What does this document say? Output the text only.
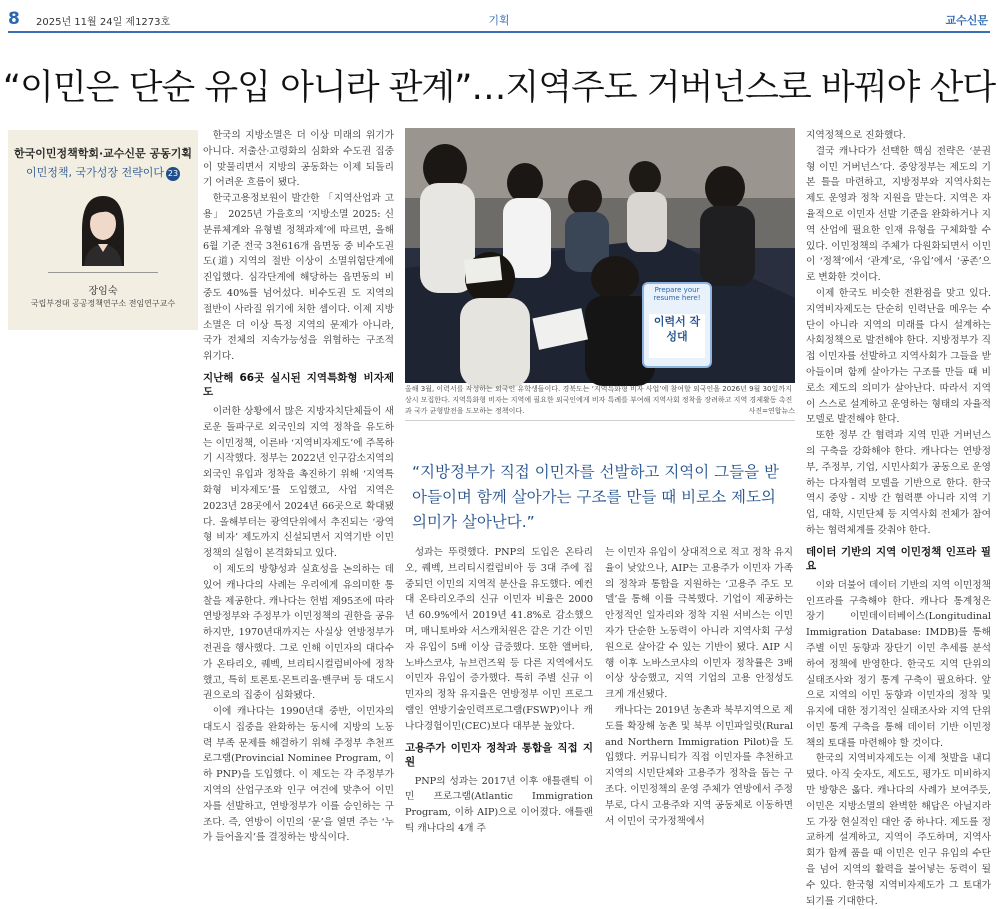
8 2025년 11월 24일 제1273호	기획	교수신문
“이민은 단순 유입 아니라 관계”…지역주도 거버넌스로 바꿔야 산다
한국이민정책학회·교수신문 공동기획
이민정책, 국가성장 전략이다 23
장임숙
국립부경대 공공정책연구소 전임연구교수

한국의 지방소멸은 더 이상 미래의 위기가 아니다. 저출산·고령화의 심화와 수도권 집중이 맞물리면서 지방의 공동화는 이제 되돌리기 어려운 흐름이 됐다.

한국고용정보원이 발간한 「지역산업과 고용」 2025년 가을호의 ‘지방소멸 2025: 신분류체계와 유형별 정책과제’에 따르면, 올해 6월 기준 전국 3천616개 읍면동 중 비수도권 도(道) 지역의 절반 이상이 소멸위험단계에 진입했다. 심각단계에 해당하는 읍면동의 비중도 40%를 넘어섰다. 비수도권 도 지역의 절반이 사라질 위기에 처한 셈이다. 이제 지방소멸은 더 이상 특정 지역의 문제가 아니라, 국가 전체의 지속가능성을 위협하는 구조적 위기다.

지난해 66곳 실시된 지역특화형 비자제도

이러한 상황에서 많은 지방자치단체들이 새로운 돌파구로 외국인의 지역 정착을 유도하는 이민정책, 이른바 ‘지역비자제도’에 주목하기 시작했다. 정부는 2022년 인구감소지역의 외국인 유입과 정착을 촉진하기 위해 ‘지역특화형 비자제도’를 도입했고, 사업 지역은 2023년 28곳에서 2024년 66곳으로 확대됐다. 올해부터는 광역단위에서 추진되는 ‘광역형 비자’ 제도까지 신설되면서 지역기반 이민정책의 실험이 본격화되고 있다.

이 제도의 방향성과 실효성을 논의하는 데 있어 캐나다의 사례는 우리에게 유의미한 통찰을 제공한다. 캐나다는 헌법 제95조에 따라 연방정부와 주정부가 이민정책의 권한을 공유하지만, 1970년대까지는 사실상 연방정부가 전권을 행사했다. 그로 인해 이민자의 대다수가 온타리오, 퀘벡, 브리티시컬럼비아에 정착했고, 특히 토론토·몬트리올·밴쿠버 등 대도시권으로의 집중이 심화됐다.

이에 캐나다는 1990년대 중반, 이민자의 대도시 집중을 완화하는 동시에 지방의 노동력 부족 문제를 해결하기 위해 주정부 추천프로그램(Provincial Nominee Program, 이하 PNP)을 도입했다. 이 제도는 각 주정부가 지역의 산업구조와 인구 여건에 맞추어 이민자를 선발하고, 연방정부가 이를 승인하는 구조다. 즉, 연방이 이민의 ‘문’을 열면 주는 ‘누가 들어올지’를 결정하는 방식이다.

Prepare your resume here!
이력서 작성대
올해 3월, 이력서를 작성하는 외국인 유학생들이다. 경북도는 ‘지역특화형 비자 사업’에 참여할 외국인을 2026년 9월 30일까지 상시 모집한다. 지역특화형 비자는 지역에 필요한 외국인에게 비자 특례를 부여해 지역사회 정착을 장려하고 지역 경제활동 촉진과 국가 균형발전을 도모하는 정책이다.	사진=연합뉴스
“지방정부가 직접 이민자를 선발하고 지역이 그들을 받아들이며 함께 살아가는 구조를 만들 때 비로소 제도의 의미가 살아난다.”

성과는 뚜렷했다. PNP의 도입은 온타리오, 퀘벡, 브리티시컬럼비아 등 3대 주에 집중되던 이민의 지역적 분산을 유도했다. 예컨대 온타리오주의 신규 이민자 비율은 2000년 60.9%에서 2019년 41.8%로 감소했으며, 매니토바와 서스캐처원은 같은 기간 이민자 유입이 5배 이상 급증했다. 또한 앨버타, 노바스코샤, 뉴브런즈윅 등 다른 지역에서도 이민자 유입이 증가했다. 특히 주별 신규 이민자의 정착 유지율은 연방정부 이민 프로그램인 연방기술인력프로그램(FSWP)이나 캐나다경험이민(CEC)보다 대부분 높았다.

고용주가 이민자 정착과 통합을 직접 지원

PNP의 성과는 2017년 이후 애틀랜틱 이민 프로그램(Atlantic Immigration Program, 이하 AIP)으로 이어졌다. 애틀랜틱 캐나다의 4개 주

는 이민자 유입이 상대적으로 적고 정착 유지율이 낮았으나, AIP는 고용주가 이민자 가족의 정착과 통합을 지원하는 ‘고용주 주도 모델’을 통해 이를 극복했다. 기업이 제공하는 안정적인 일자리와 정착 지원 서비스는 이민자가 단순한 노동력이 아니라 지역사회 구성원으로 살아갈 수 있는 기반이 됐다. AIP 시행 이후 노바스코샤의 이민자 정착률은 3배 이상 상승했고, 지역 기업의 고용 안정성도 크게 개선됐다.

캐나다는 2019년 농촌과 북부지역으로 제도를 확장해 농촌 및 북부 이민파일럿(Rural and Northern Immigration Pilot)을 도입했다. 커뮤니티가 직접 이민자를 추천하고 지역의 시민단체와 고용주가 정착을 돕는 구조다. 이민정책의 운영 주체가 연방에서 주정부로, 다시 고용주와 지역 공동체로 이동하면서 이민이 국가정책에서

지역정책으로 진화했다.

결국 캐나다가 선택한 핵심 전략은 ‘분권형 이민 거버넌스’다. 중앙정부는 제도의 기본 틀을 마련하고, 지방정부와 지역사회는 제도 운영과 정착 지원을 맡는다. 지역은 자율적으로 이민자 선발 기준을 완화하거나 지역 산업에 필요한 인재 유형을 구체화할 수 있다. 이민정책의 주체가 다원화되면서 이민이 ‘정책’에서 ‘관계’로, ‘유입’에서 ‘공존’으로 변화한 것이다.

이제 한국도 비슷한 전환점을 맞고 있다. 지역비자제도는 단순히 인력난을 메우는 수단이 아니라 지역의 미래를 다시 설계하는 사회정책으로 발전해야 한다. 지방정부가 직접 이민자를 선발하고 지역사회가 그들을 받아들이며 함께 살아가는 구조를 만들 때 비로소 제도의 의미가 살아난다. 따라서 지역이 스스로 설계하고 운영하는 형태의 자율적 모델로 발전해야 한다.

또한 정부 간 협력과 지역 민관 거버넌스의 구축을 강화해야 한다. 캐나다는 연방정부, 주정부, 기업, 시민사회가 공동으로 운영하는 다자협력 모델을 기반으로 한다. 한국 역시 중앙 - 지방 간 협력뿐 아니라 지역 기업, 대학, 시민단체 등 지역사회 전체가 참여하는 협력체계를 갖춰야 한다.

데이터 기반의 지역 이민정책 인프라 필요

이와 더불어 데이터 기반의 지역 이민정책 인프라를 구축해야 한다. 캐나다 통계청은 장기 이민데이터베이스(Longitudinal Immigration Database: IMDB)를 통해 주별 이민 동향과 장단기 이민 추세를 분석하여 정책에 반영한다. 한국도 지역 단위의 실태조사와 정기 통계 구축이 필요하다. 앞으로 지역의 이민 동향과 이민자의 정착 및 유지에 대한 정기적인 실태조사와 지역 단위 이민 통계 구축을 통해 데이터 기반 이민정책의 토대를 마련해야 할 것이다.

한국의 지역비자제도는 이제 첫발을 내디뎠다. 아직 숫자도, 제도도, 평가도 미비하지만 방향은 옳다. 캐나다의 사례가 보여주듯, 이민은 지방소멸의 완벽한 해답은 아닐지라도 가장 현실적인 대안 중 하나다. 제도를 정교하게 설계하고, 지역이 주도하며, 지역사회가 함께 품을 때 이민은 인구 유입의 수단을 넘어 지역의 활력을 불어넣는 동력이 될 수 있다. 한국형 지역비자제도가 그 토대가 되기를 기대한다.
